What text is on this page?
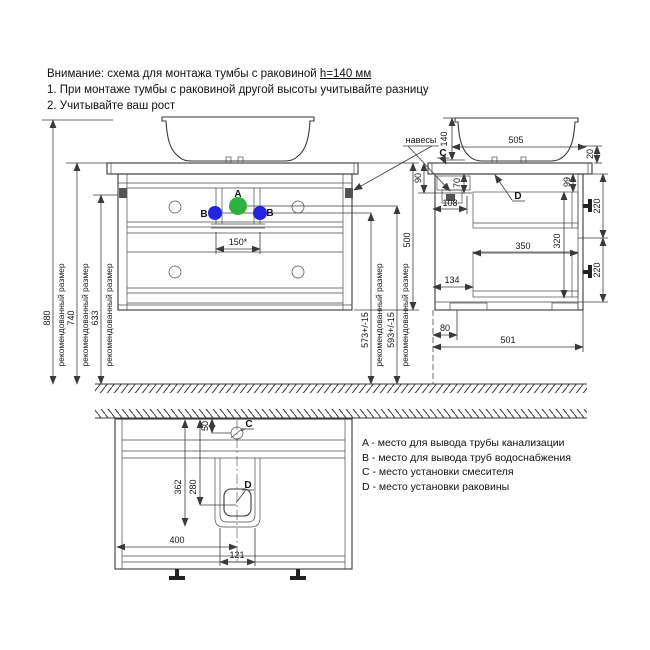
Внимание: схема для монтажа тумбы с раковиной h=140 мм
1. При монтаже тумбы с раковиной другой высоты учитывайте разницу
2. Учитывайте ваш рост
A
B	B
150*
880 рекомендованный размер 740 рекомендованный размер 633 рекомендованный размер	573+/-15 рекомендованный размер 593+/-15 рекомендованный размер
500
навесы
C
D
140	505
20
90	70
108
99
320
350
134
80
501
220
220
C
D
50
362 280
400
121
A - место для вывода трубы канализации
B - место для вывода труб водоснабжения
C - место установки смесителя
D - место установки раковины
